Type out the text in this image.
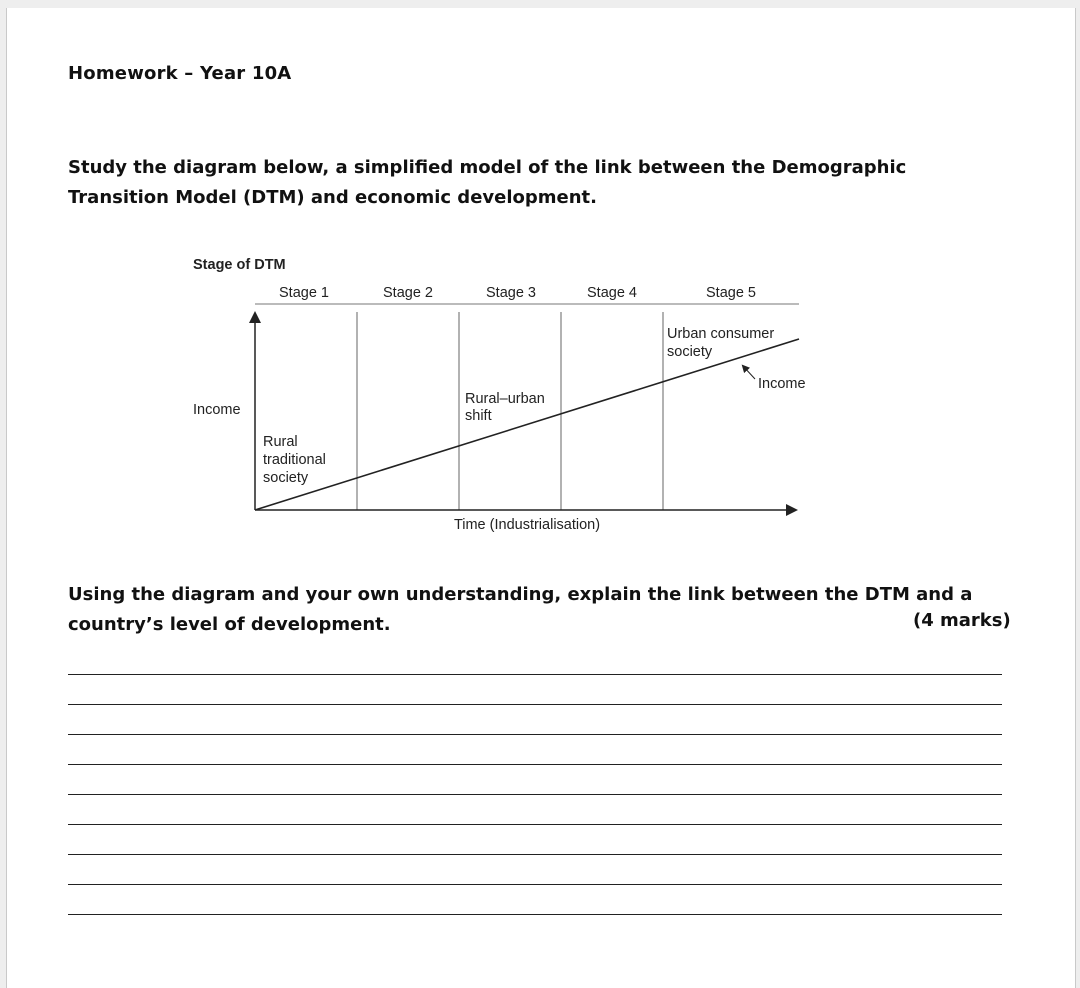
Homework – Year 10A

Study the diagram below, a simplified model of the link between the Demographic Transition Model (DTM) and economic development.

Stage of DTM
Stage 1	Stage 2	Stage 3	Stage 4	Stage 5
Income
Time (Industrialisation)
Rural
traditional
society
Rural–urban
shift
Urban consumer
society
Income
Using the diagram and your own understanding, explain the link between the DTM and a country’s level of development.	(4 marks)
